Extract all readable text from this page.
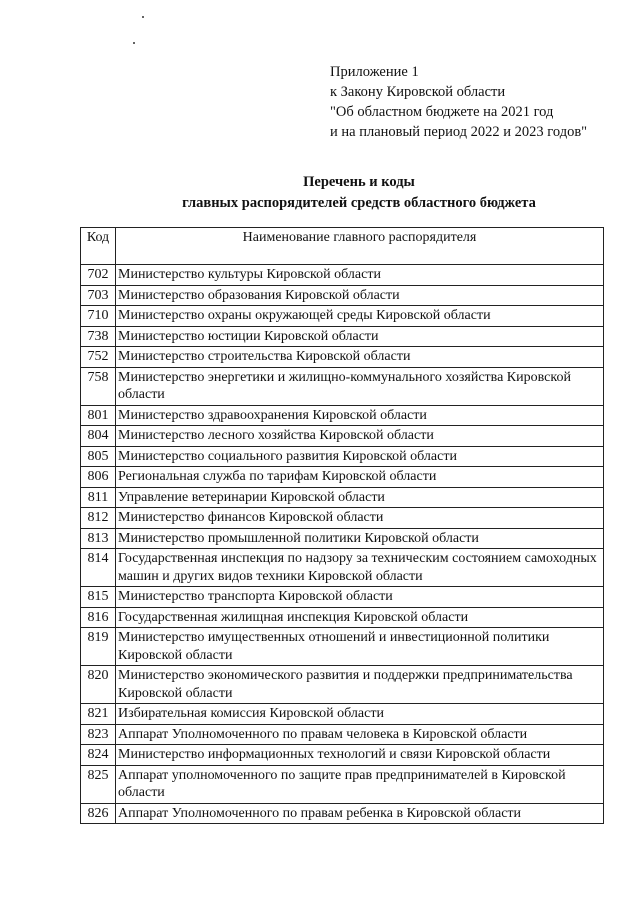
Приложение 1
к Закону Кировской области
"Об областном бюджете на 2021 год
и на плановый период 2022 и 2023 годов"
Перечень и коды
главных распорядителей средств областного бюджета
Код	Наименование главного распорядителя
702	Министерство культуры Кировской области
703	Министерство образования Кировской области
710	Министерство охраны окружающей среды Кировской области
738	Министерство юстиции Кировской области
752	Министерство строительства Кировской области
758	Министерство энергетики и жилищно-коммунального хозяйства Кировской области
801	Министерство здравоохранения Кировской области
804	Министерство лесного хозяйства Кировской области
805	Министерство социального развития Кировской области
806	Региональная служба по тарифам Кировской области
811	Управление ветеринарии Кировской области
812	Министерство финансов Кировской области
813	Министерство промышленной политики Кировской области
814	Государственная инспекция по надзору за техническим состоянием самоходных машин и других видов техники Кировской области
815	Министерство транспорта Кировской области
816	Государственная жилищная инспекция Кировской области
819	Министерство имущественных отношений и инвестиционной политики Кировской области
820	Министерство экономического развития и поддержки предпринимательства Кировской области
821	Избирательная комиссия Кировской области
823	Аппарат Уполномоченного по правам человека в Кировской области
824	Министерство информационных технологий и связи Кировской области
825	Аппарат уполномоченного по защите прав предпринимателей в Кировской области
826	Аппарат Уполномоченного по правам ребенка в Кировской области
